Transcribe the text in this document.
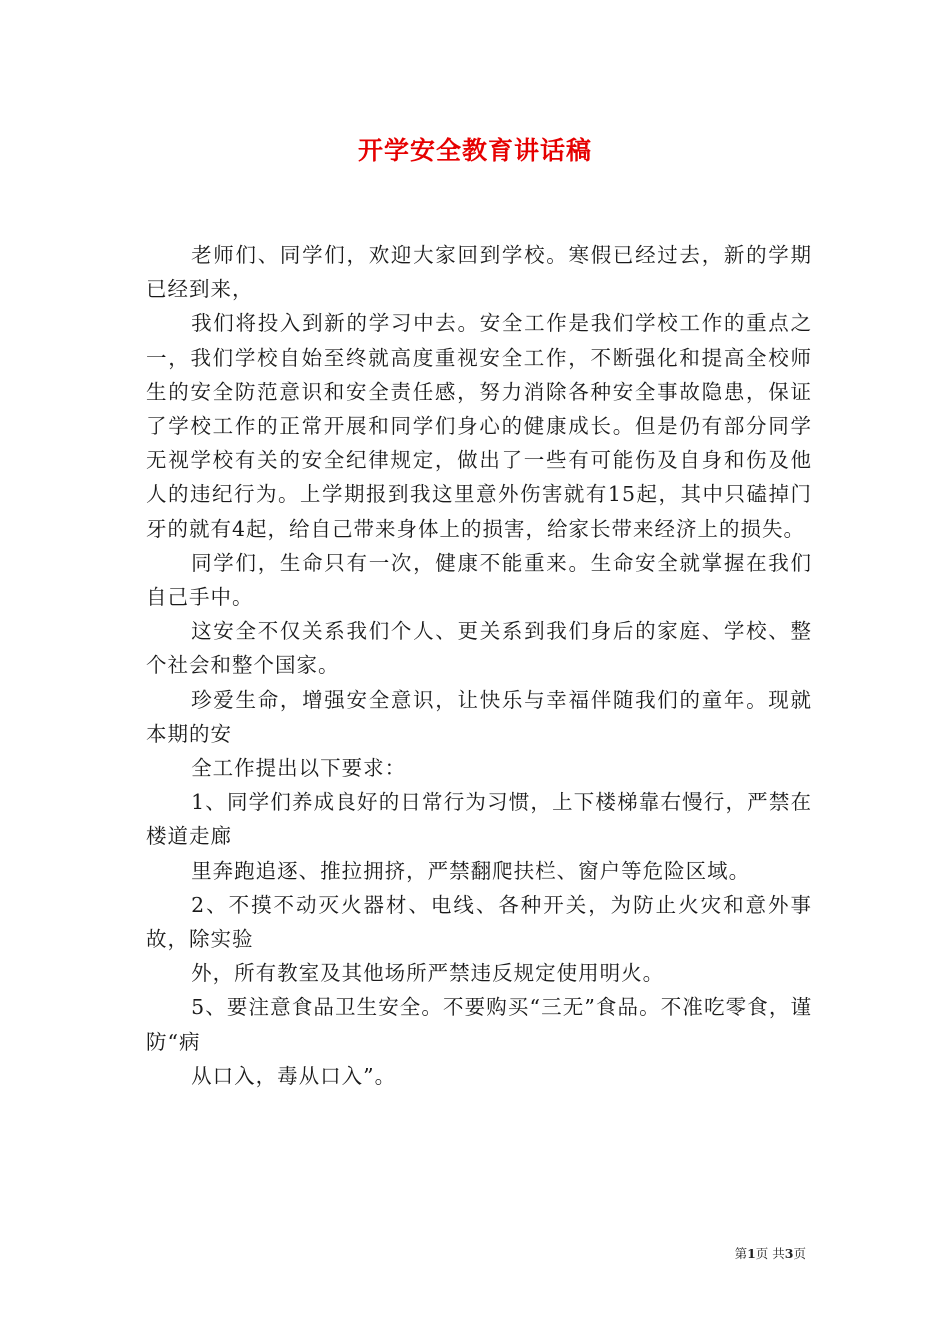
开学安全教育讲话稿

老师们、同学们，欢迎大家回到学校。寒假已经过去，新的学期已经到来，

我们将投入到新的学习中去。安全工作是我们学校工作的重点之一，我们学校自始至终就高度重视安全工作，不断强化和提高全校师生的安全防范意识和安全责任感，努力消除各种安全事故隐患，保证了学校工作的正常开展和同学们身心的健康成长。但是仍有部分同学无视学校有关的安全纪律规定，做出了一些有可能伤及自身和伤及他人的违纪行为。上学期报到我这里意外伤害就有15起，其中只磕掉门牙的就有4起，给自己带来身体上的损害，给家长带来经济上的损失。

同学们，生命只有一次，健康不能重来。生命安全就掌握在我们自己手中。

这安全不仅关系我们个人、更关系到我们身后的家庭、学校、整个社会和整个国家。

珍爱生命，增强安全意识，让快乐与幸福伴随我们的童年。现就本期的安

全工作提出以下要求：

1、同学们养成良好的日常行为习惯，上下楼梯靠右慢行，严禁在楼道走廊

里奔跑追逐、推拉拥挤，严禁翻爬扶栏、窗户等危险区域。

2、不摸不动灭火器材、电线、各种开关，为防止火灾和意外事故，除实验

外，所有教室及其他场所严禁违反规定使用明火。

5、要注意食品卫生安全。不要购买“三无”食品。不准吃零食，谨防“病

从口入，毒从口入”。

第1页 共3页
